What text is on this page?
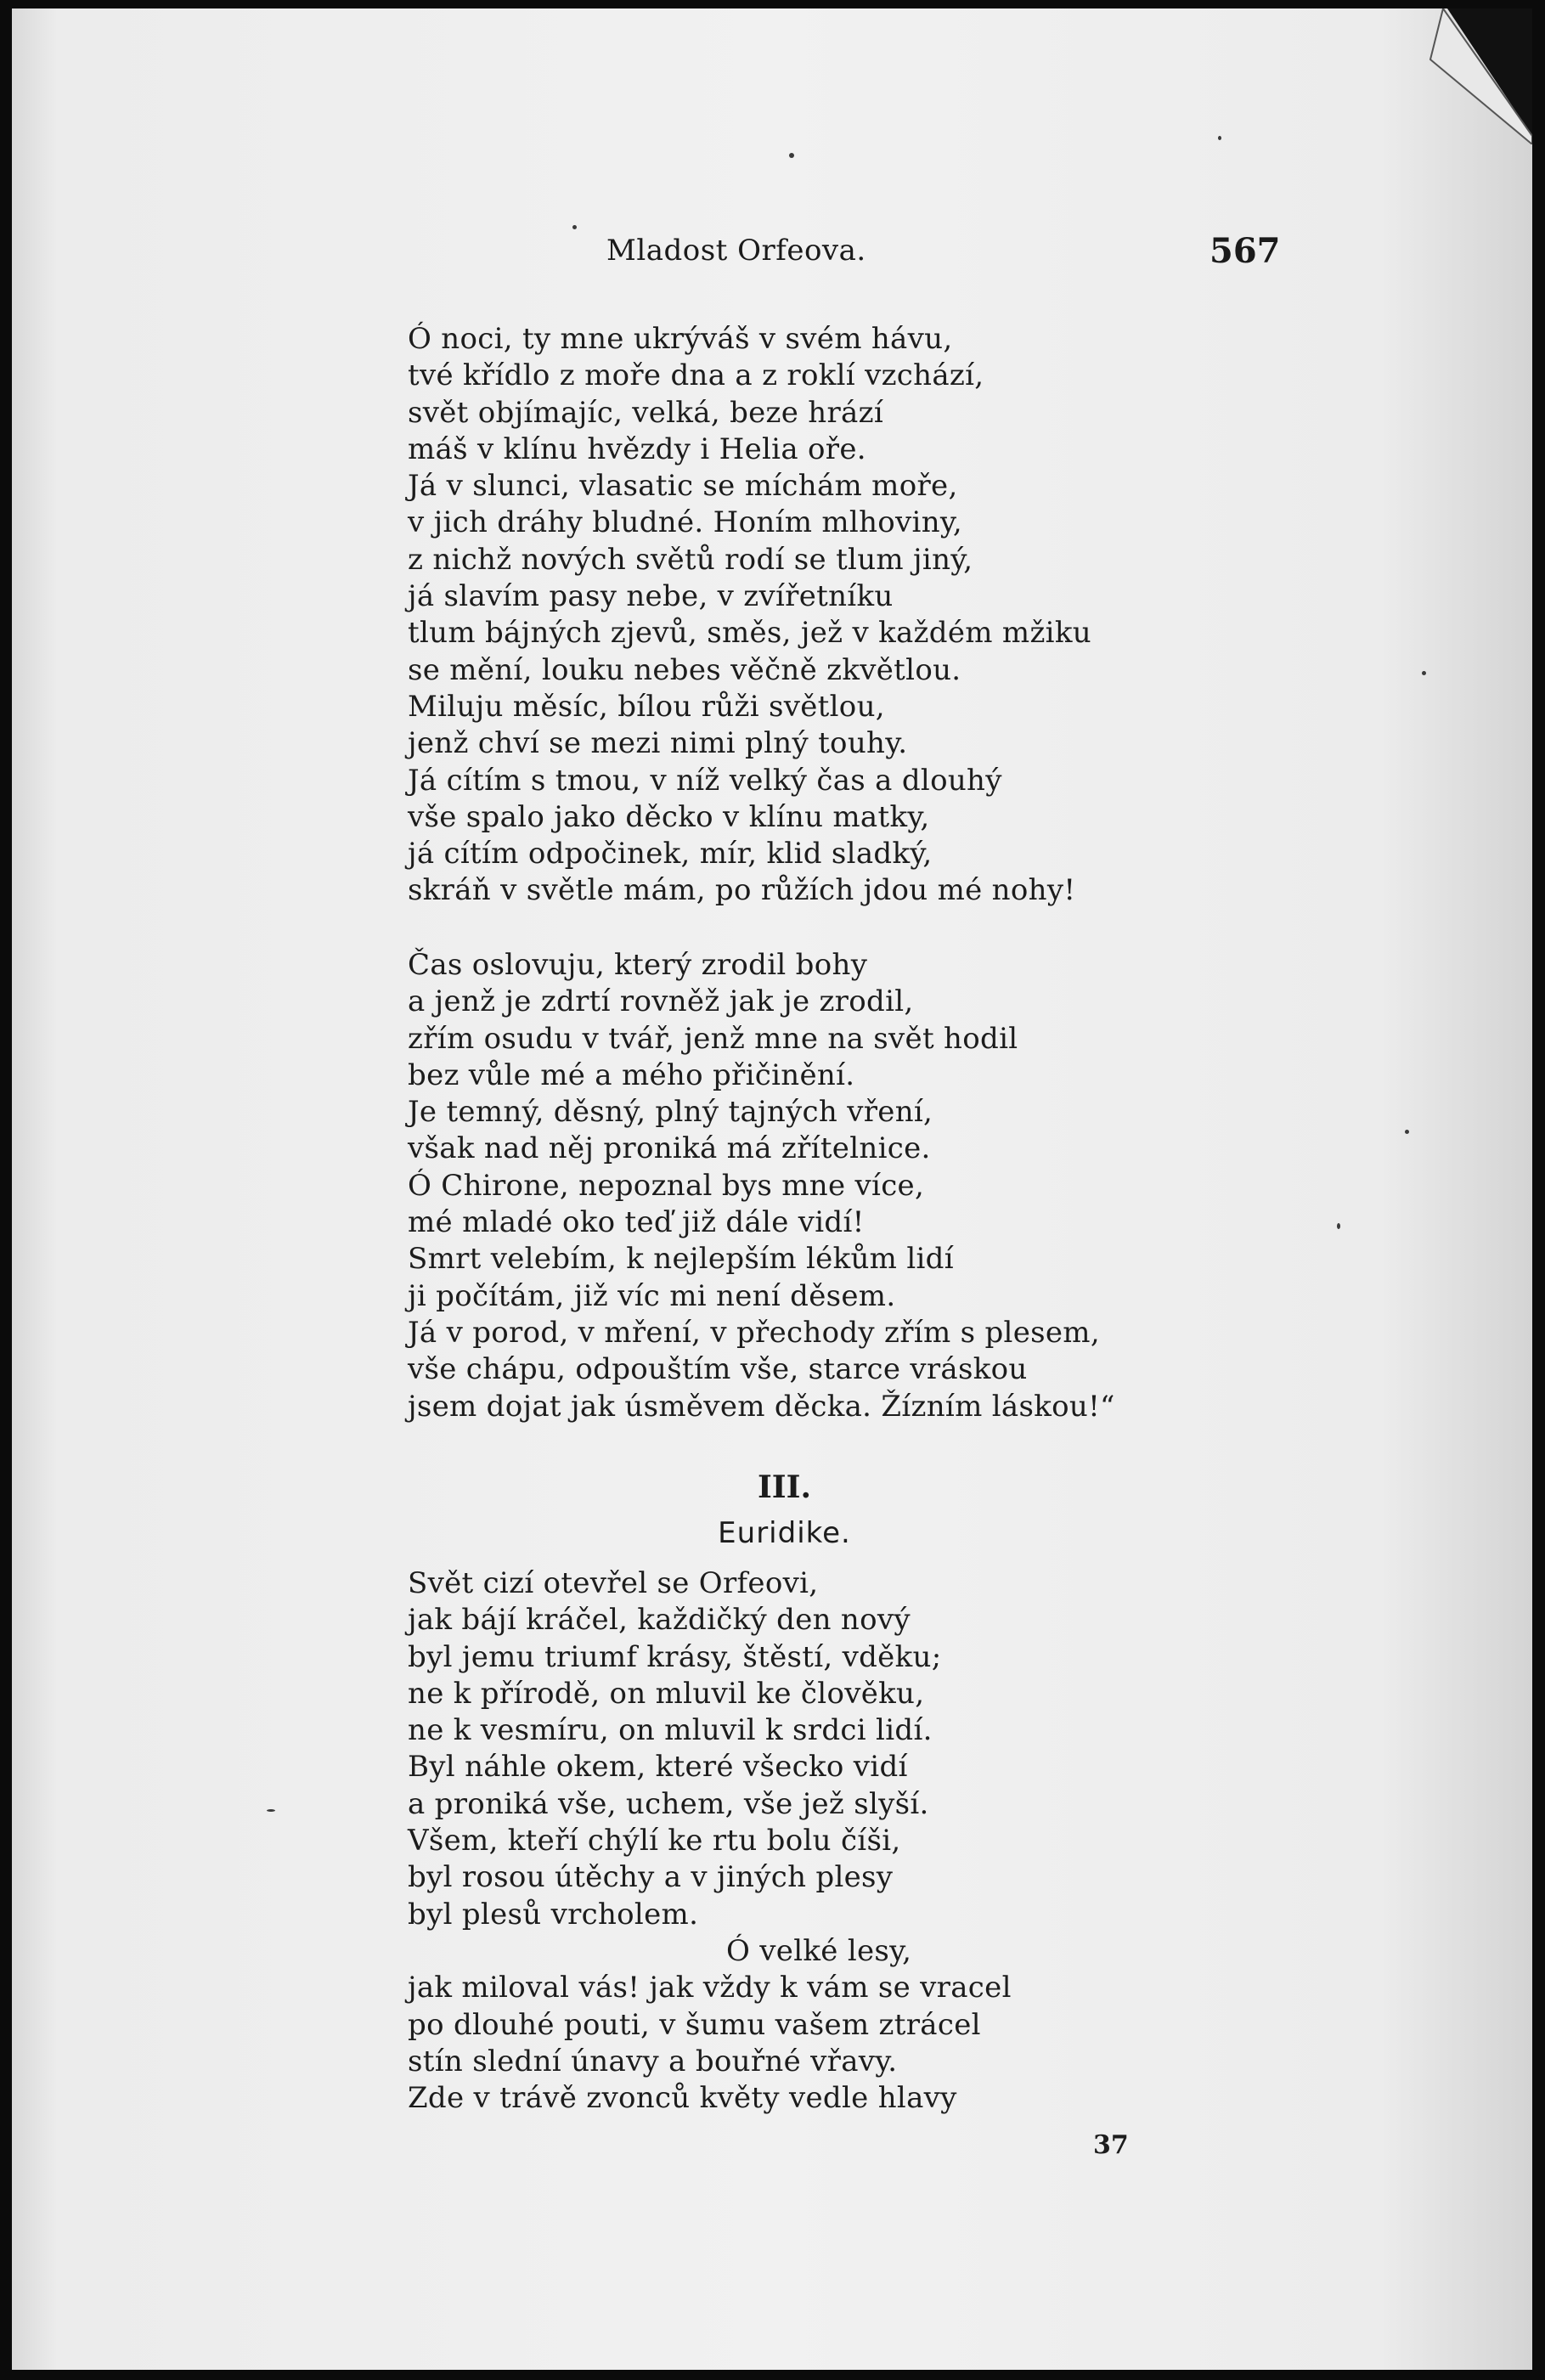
Mladost Orfeova.	567
Ó noci, ty mne ukrýváš v svém hávu,
tvé křídlo z moře dna a z roklí vzchází,
svět objímajíc, velká, beze hrází
máš v klínu hvězdy i Helia oře.
Já v slunci, vlasatic se míchám moře,
v jich dráhy bludné. Honím mlhoviny,
z nichž nových světů rodí se tlum jiný,
já slavím pasy nebe, v zvířetníku
tlum bájných zjevů, směs, jež v každém mžiku
se mění, louku nebes věčně zkvětlou.
Miluju měsíc, bílou růži světlou,
jenž chví se mezi nimi plný touhy.
Já cítím s tmou, v níž velký čas a dlouhý
vše spalo jako děcko v klínu matky,
já cítím odpočinek, mír, klid sladký,
skráň v světle mám, po růžích jdou mé nohy!
Čas oslovuju, který zrodil bohy
a jenž je zdrtí rovněž jak je zrodil,
zřím osudu v tvář, jenž mne na svět hodil
bez vůle mé a mého přičinění.
Je temný, děsný, plný tajných vření,
však nad něj proniká má zřítelnice.
Ó Chirone, nepoznal bys mne více,
mé mladé oko teď již dále vidí!
Smrt velebím, k nejlepším lékům lidí
ji počítám, již víc mi není děsem.
Já v porod, v mření, v přechody zřím s plesem,
vše chápu, odpouštím vše, starce vráskou
jsem dojat jak úsměvem děcka. Žízním láskou!“
III.
Euridike.
Svět cizí otevřel se Orfeovi,
jak bájí kráčel, každičký den nový
byl jemu triumf krásy, štěstí, vděku;
ne k přírodě, on mluvil ke člověku,
ne k vesmíru, on mluvil k srdci lidí.
Byl náhle okem, které všecko vidí
a proniká vše, uchem, vše jež slyší.
Všem, kteří chýlí ke rtu bolu číši,
byl rosou útěchy a v jiných plesy
byl plesů vrcholem.
Ó velké lesy,
jak miloval vás! jak vždy k vám se vracel
po dlouhé pouti, v šumu vašem ztrácel
stín slední únavy a bouřné vřavy.
Zde v trávě zvonců květy vedle hlavy
37
